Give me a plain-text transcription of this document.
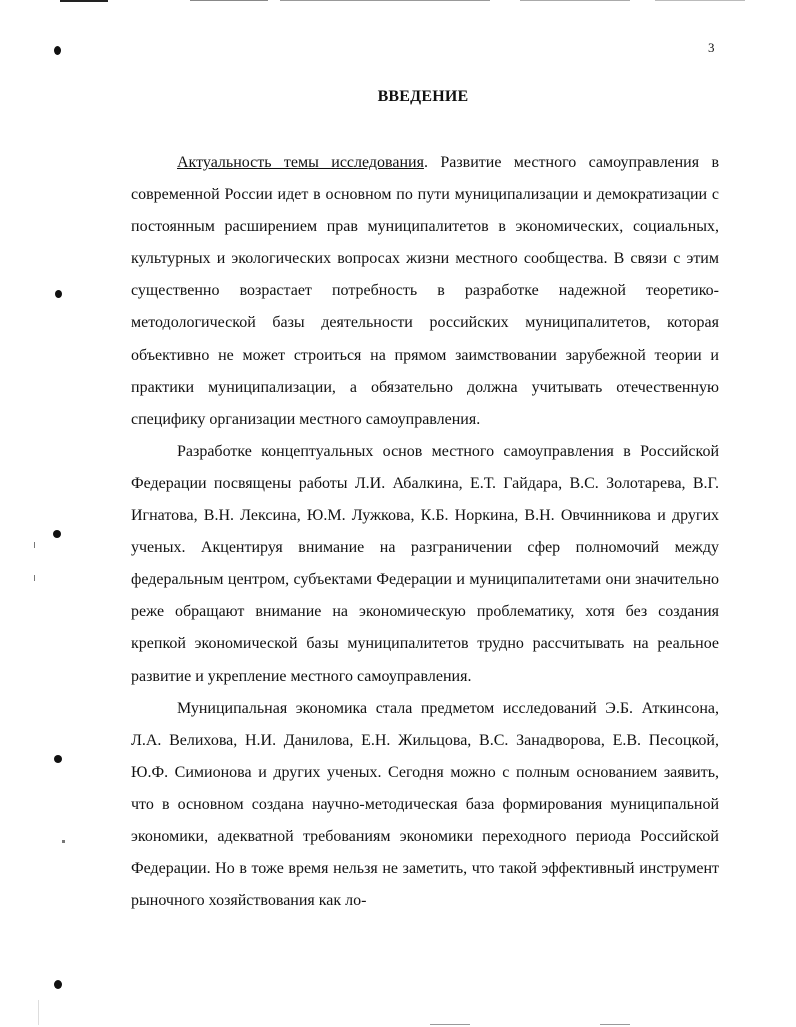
3
ВВЕДЕНИЕ

Актуальность темы исследования. Развитие местного самоуправления в современной России идет в основном по пути муниципализации и демократизации с постоянным расширением прав муниципалитетов в экономических, социальных, культурных и экологических вопросах жизни местного сообщества. В связи с этим существенно возрастает потребность в разработке надежной теоретико-методологической базы деятельности российских муниципалитетов, которая объективно не может строиться на прямом заимствовании зарубежной теории и практики муниципализации, а обязательно должна учитывать отечественную специфику организации местного самоуправления.

Разработке концептуальных основ местного самоуправления в Российской Федерации посвящены работы Л.И. Абалкина, Е.Т. Гайдара, В.С. Золотарева, В.Г. Игнатова, В.Н. Лексина, Ю.М. Лужкова, К.Б. Норкина, В.Н. Овчинникова и других ученых. Акцентируя внимание на разграничении сфер полномочий между федеральным центром, субъектами Федерации и муниципалитетами они значительно реже обращают внимание на экономическую проблематику, хотя без создания крепкой экономической базы муниципалитетов трудно рассчитывать на реальное развитие и укрепление местного самоуправления.

Муниципальная экономика стала предметом исследований Э.Б. Аткинсона, Л.А. Велихова, Н.И. Данилова, Е.Н. Жильцова, В.С. Занадворова, Е.В. Песоцкой, Ю.Ф. Симионова и других ученых. Сегодня можно с полным основанием заявить, что в основном создана научно-методическая база формирования муниципальной экономики, адекватной требованиям экономики переходного периода Российской Федерации. Но в тоже время нельзя не заметить, что такой эффективный инструмент рыночного хозяйствования как ло-
